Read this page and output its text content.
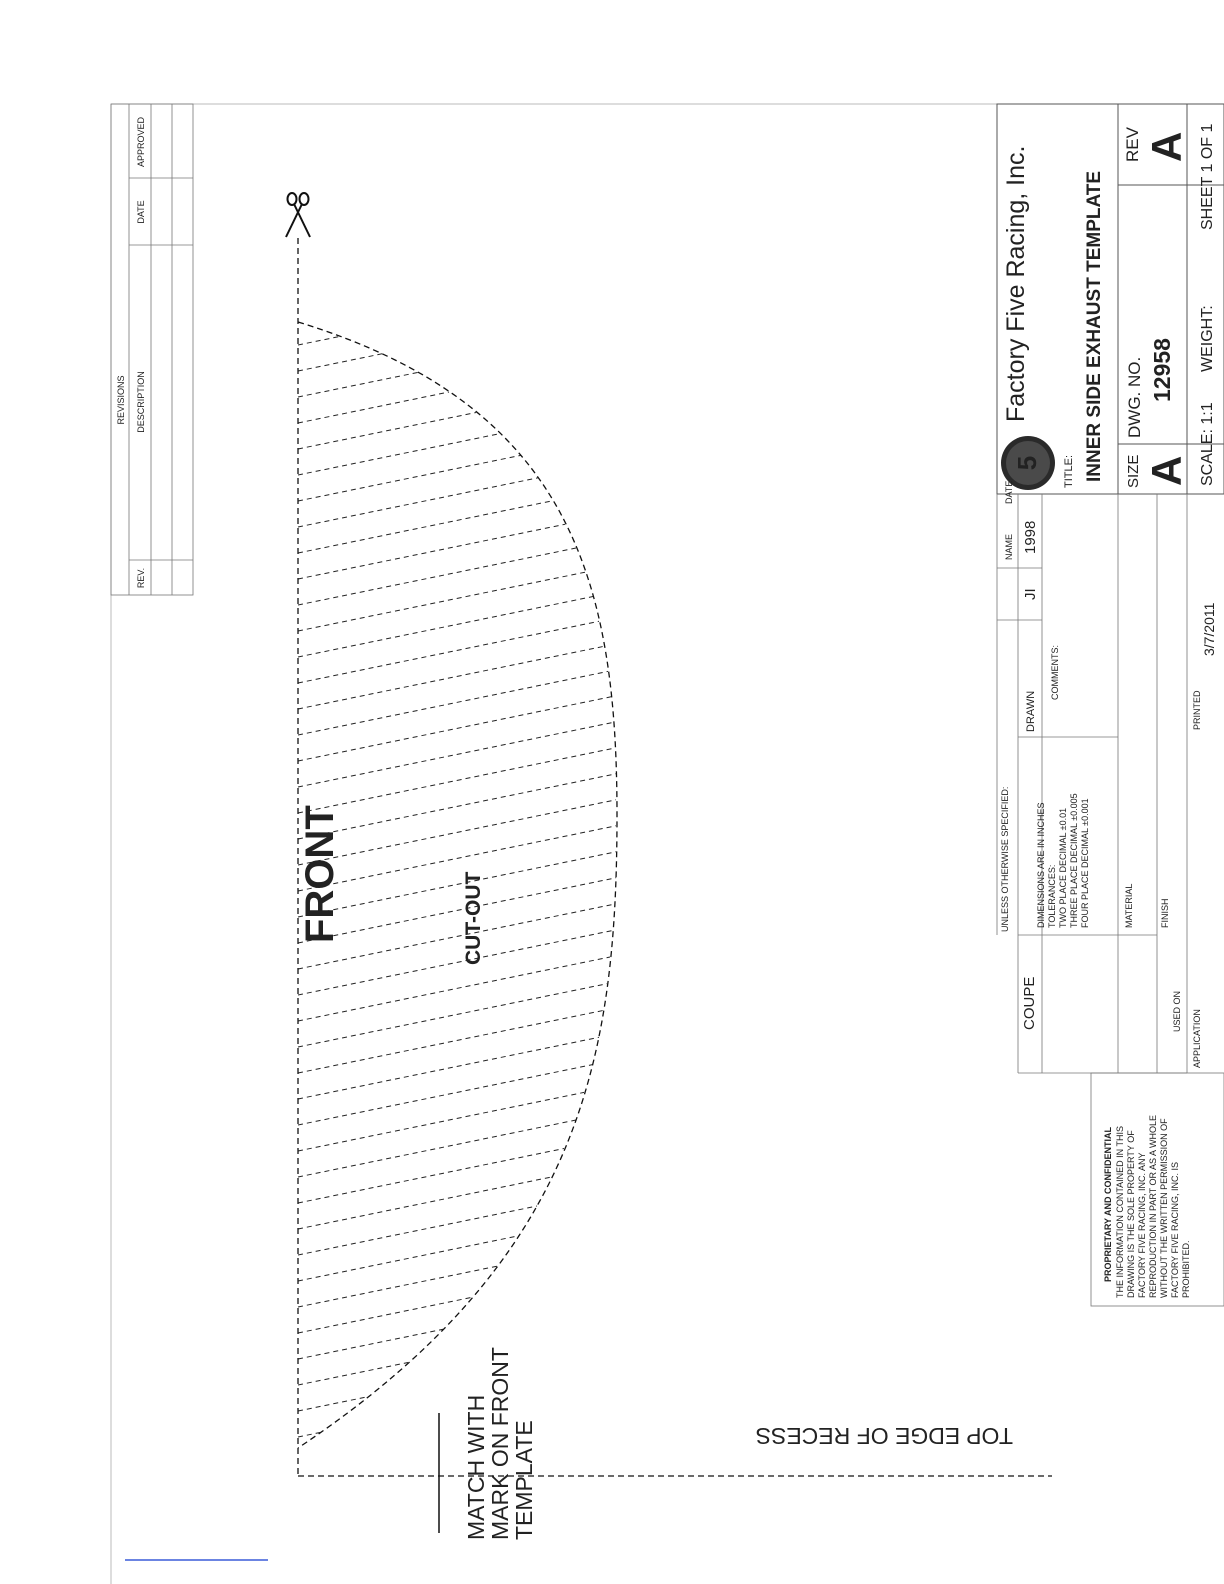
REVISIONS
REV.
DESCRIPTION
DATE
APPROVED
FRONT	CUT-OUT
TOP EDGE OF RECESS
MATCH WITH
MARK ON FRONT
TEMPLATE
5
Factory Five Racing, Inc.
TITLE: INNER SIDE EXHAUST TEMPLATE SIZE A
DWG. NO. 12958
REV A
SCALE: 1:1
WEIGHT:
SHEET 1 OF 1
UNLESS OTHERWISE SPECIFIED:
NAME
DATE
DRAWN
JI
1998
COMMENTS:
DIMENSIONS ARE IN INCHES TOLERANCES: TWO PLACE DECIMAL ±0.01 THREE PLACE DECIMAL ±0.005 FOUR PLACE DECIMAL ±0.001	MATERIAL	FINISH
COUPE	USED ON APPLICATION
PRINTED
3/7/2011
PROPRIETARY AND CONFIDENTIAL THE INFORMATION CONTAINED IN THIS DRAWING IS THE SOLE PROPERTY OF FACTORY FIVE RACING, INC. ANY REPRODUCTION IN PART OR AS A WHOLE WITHOUT THE WRITTEN PERMISSION OF FACTORY FIVE RACING, INC. IS PROHIBITED.
